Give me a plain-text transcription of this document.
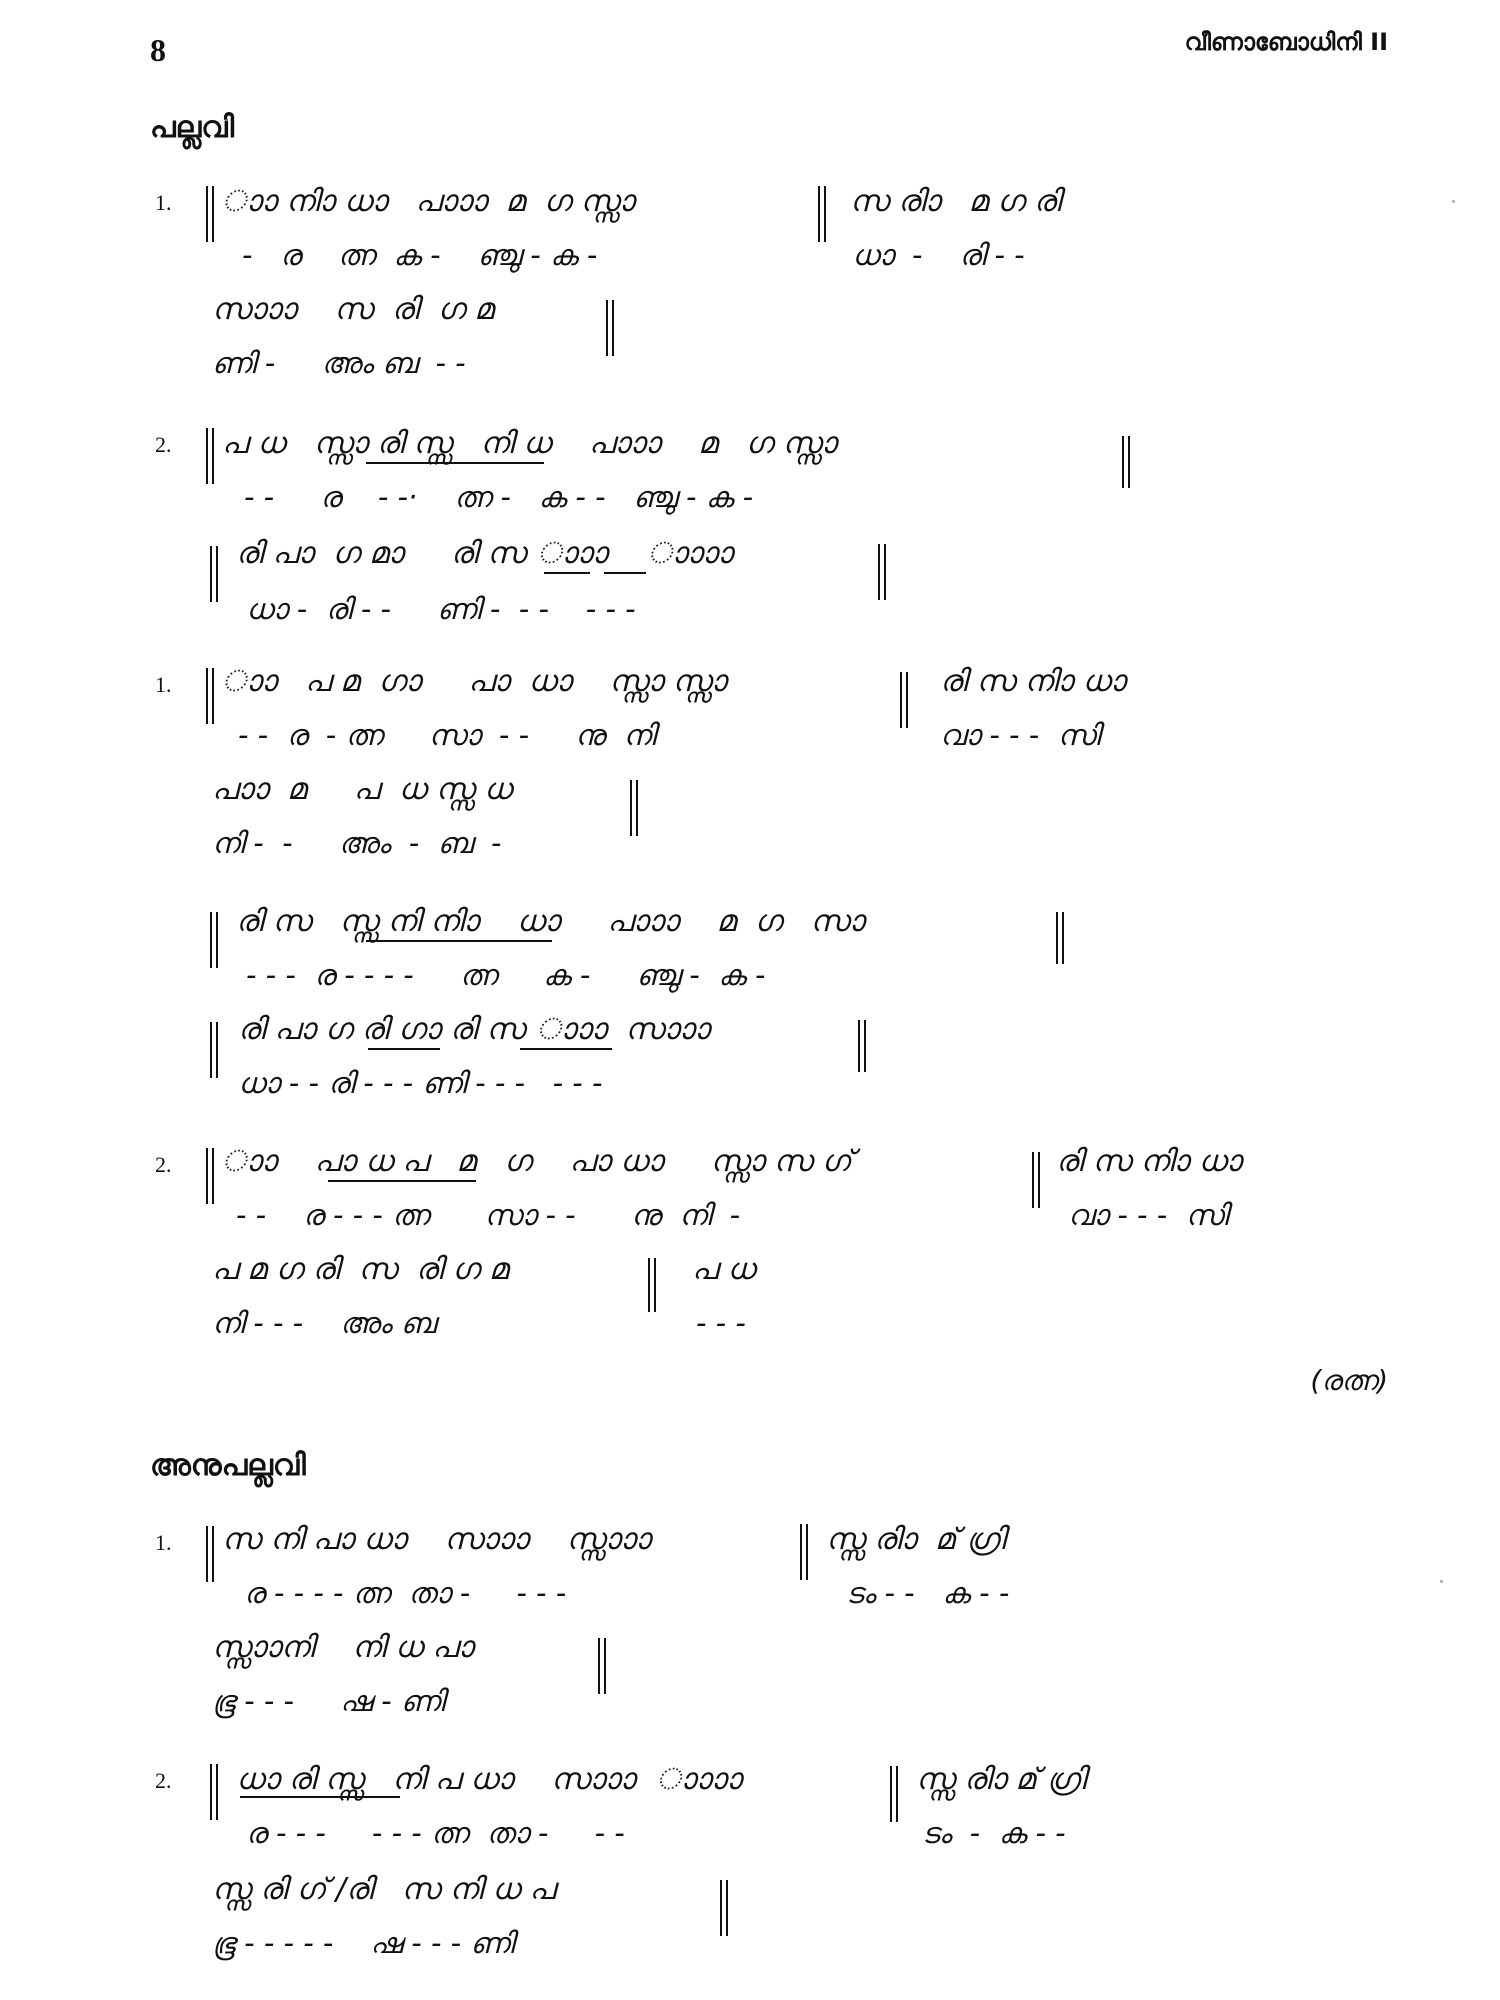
8	വീണാബോധിനി II
പല്ലവി
അനുപല്ലവി
1. ാാ നിാ ധാ   പാാാ  മ  ഗ സ്സാ
-   ര    ത്ന  ക -    ഞ്ചു - ക -
സ രിാ   മ ഗ രി
ധാ  -    രി - -
സാാാ    സ  രി  ഗ മ
ണി -     അം ബ  - -
2. പ ധ   സ്സാ രി സ്സ   നി ധ    പാാാ    മ   ഗ സ്സാ
- -     ര    - -·    ത്ന -   ക - -   ഞ്ചു - ക -
രി പാ  ഗ മാ     രി സ ാാാ    ാാാാ
ധാ -  രി - -     ണി -  - -    - - -
1. ാാ   പ മ  ഗാ     പാ  ധാ    സ്സാ സ്സാ
- -  ര  - ത്ന     സാ  - -     നു  നി
രി സ നിാ ധാ
വാ - - -  സി
പാാ  മ     പ  ധ സ്സ ധ
നി -  -     അം  -  ബ  -
രി സ   സ്സ നി നിാ    ധാ     പാാാ    മ  ഗ   സാ
- - -  ര - - - -     ത്ന     ക -     ഞ്ചു -  ക -
രി പാ ഗ രി ഗാ രി സ ാാാ  സാാാ
ധാ - - രി - - - ണി - - -   - - -
2. ാാ    പാ ധ പ   മ   ഗ    പാ ധാ     സ്സാ സ ഗ്
- -    ര - - - ത്ന      സാ - -      നു  നി  -
രി സ നിാ ധാ
വാ - - -  സി
പ മ ഗ രി  സ  രി ഗ മ
നി - - -    അം ബ
പ ധ
- - -
(രത്ന)
1. സ നി പാ ധാ    സാാാ    സ്സാാാ
ര - - - - ത്ന  താ -     - - -
സ്സ രിാ  മ് ഗ്രി
ടം - -   ക - -
സ്സാാനി    നി ധ പാ
ഭൂ - - -     ഷ - ണി
2. ധാ രി സ്സ   നി പ ധാ    സാാാ  ാാാാ
ര - - -     - - - ത്ന  താ -     - -
സ്സ രിാ മ് ഗ്രി
ടം  -  ക - -
സ്സ രി ഗ് /രി   സ നി ധ പ
ഭൂ - - - - -    ഷ - - - ണി
